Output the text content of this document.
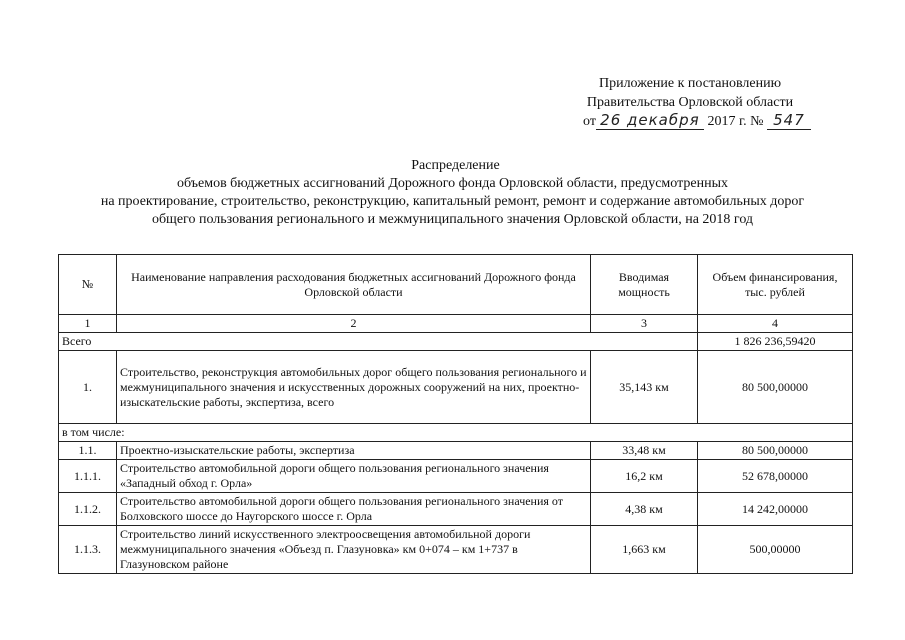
Приложение к постановлению
Правительства Орловской области
от 26 декабря 2017 г. № 547
Распределение
объемов бюджетных ассигнований Дорожного фонда Орловской области, предусмотренных
на проектирование, строительство, реконструкцию, капитальный ремонт, ремонт и содержание автомобильных дорог
общего пользования регионального и межмуниципального значения Орловской области, на 2018 год
№	Наименование направления расходования бюджетных ассигнований Дорожного фонда Орловской области	Вводимая мощность	Объем финансирования, тыс. рублей
1	2	3	4
Всего			1 826 236,59420
1.	Строительство, реконструкция автомобильных дорог общего пользования регионального и межмуниципального значения и искусственных дорожных сооружений на них, проектно-изыскательские работы, экспертиза, всего	35,143 км	80 500,00000
в том числе:			
1.1.	Проектно-изыскательские работы, экспертиза	33,48 км	80 500,00000
1.1.1.	Строительство автомобильной дороги общего пользования регионального значения «Западный обход г. Орла»	16,2 км	52 678,00000
1.1.2.	Строительство автомобильной дороги общего пользования регионального значения от Болховского шоссе до Наугорского шоссе г. Орла	4,38 км	14 242,00000
1.1.3.	Строительство линий искусственного электроосвещения автомобильной дороги межмуниципального значения «Объезд п. Глазуновка» км 0+074 – км 1+737 в Глазуновском районе	1,663 км	500,00000
